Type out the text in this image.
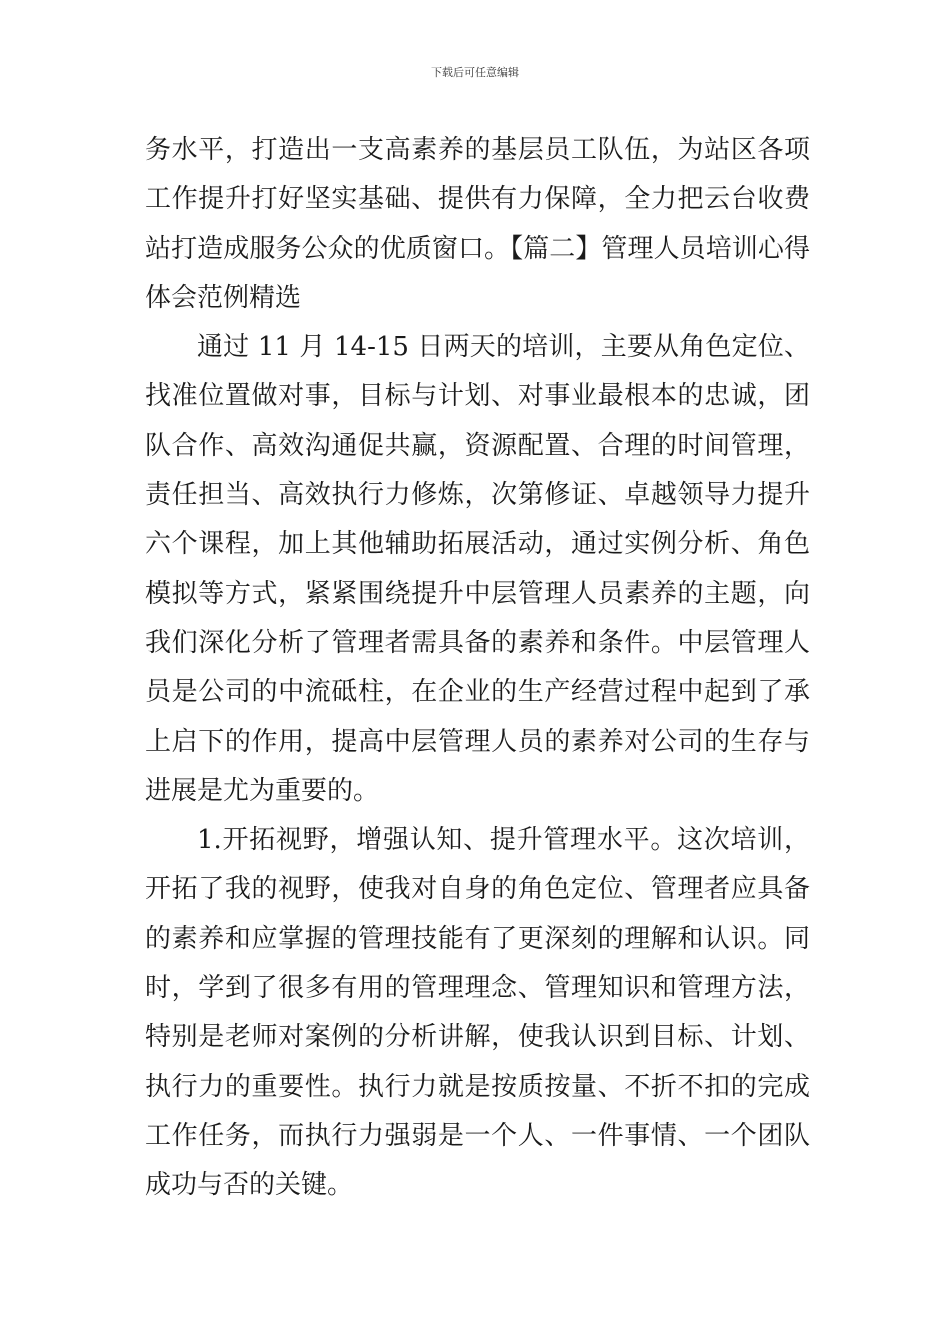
下载后可任意编辑

务水平，打造出一支高素养的基层员工队伍，为站区各项工作提升打好坚实基础、提供有力保障，全力把云台收费站打造成服务公众的优质窗口。【篇二】管理人员培训心得体会范例精选

通过 11 月 14-15 日两天的培训，主要从角色定位、找准位置做对事，目标与计划、对事业最根本的忠诚，团队合作、高效沟通促共赢，资源配置、合理的时间管理，责任担当、高效执行力修炼，次第修证、卓越领导力提升六个课程，加上其他辅助拓展活动，通过实例分析、角色模拟等方式，紧紧围绕提升中层管理人员素养的主题，向我们深化分析了管理者需具备的素养和条件。中层管理人员是公司的中流砥柱，在企业的生产经营过程中起到了承上启下的作用，提高中层管理人员的素养对公司的生存与进展是尤为重要的。

1.开拓视野，增强认知、提升管理水平。这次培训，开拓了我的视野，使我对自身的角色定位、管理者应具备的素养和应掌握的管理技能有了更深刻的理解和认识。同时，学到了很多有用的管理理念、管理知识和管理方法，特别是老师对案例的分析讲解，使我认识到目标、计划、执行力的重要性。执行力就是按质按量、不折不扣的完成工作任务，而执行力强弱是一个人、一件事情、一个团队成功与否的关键。
